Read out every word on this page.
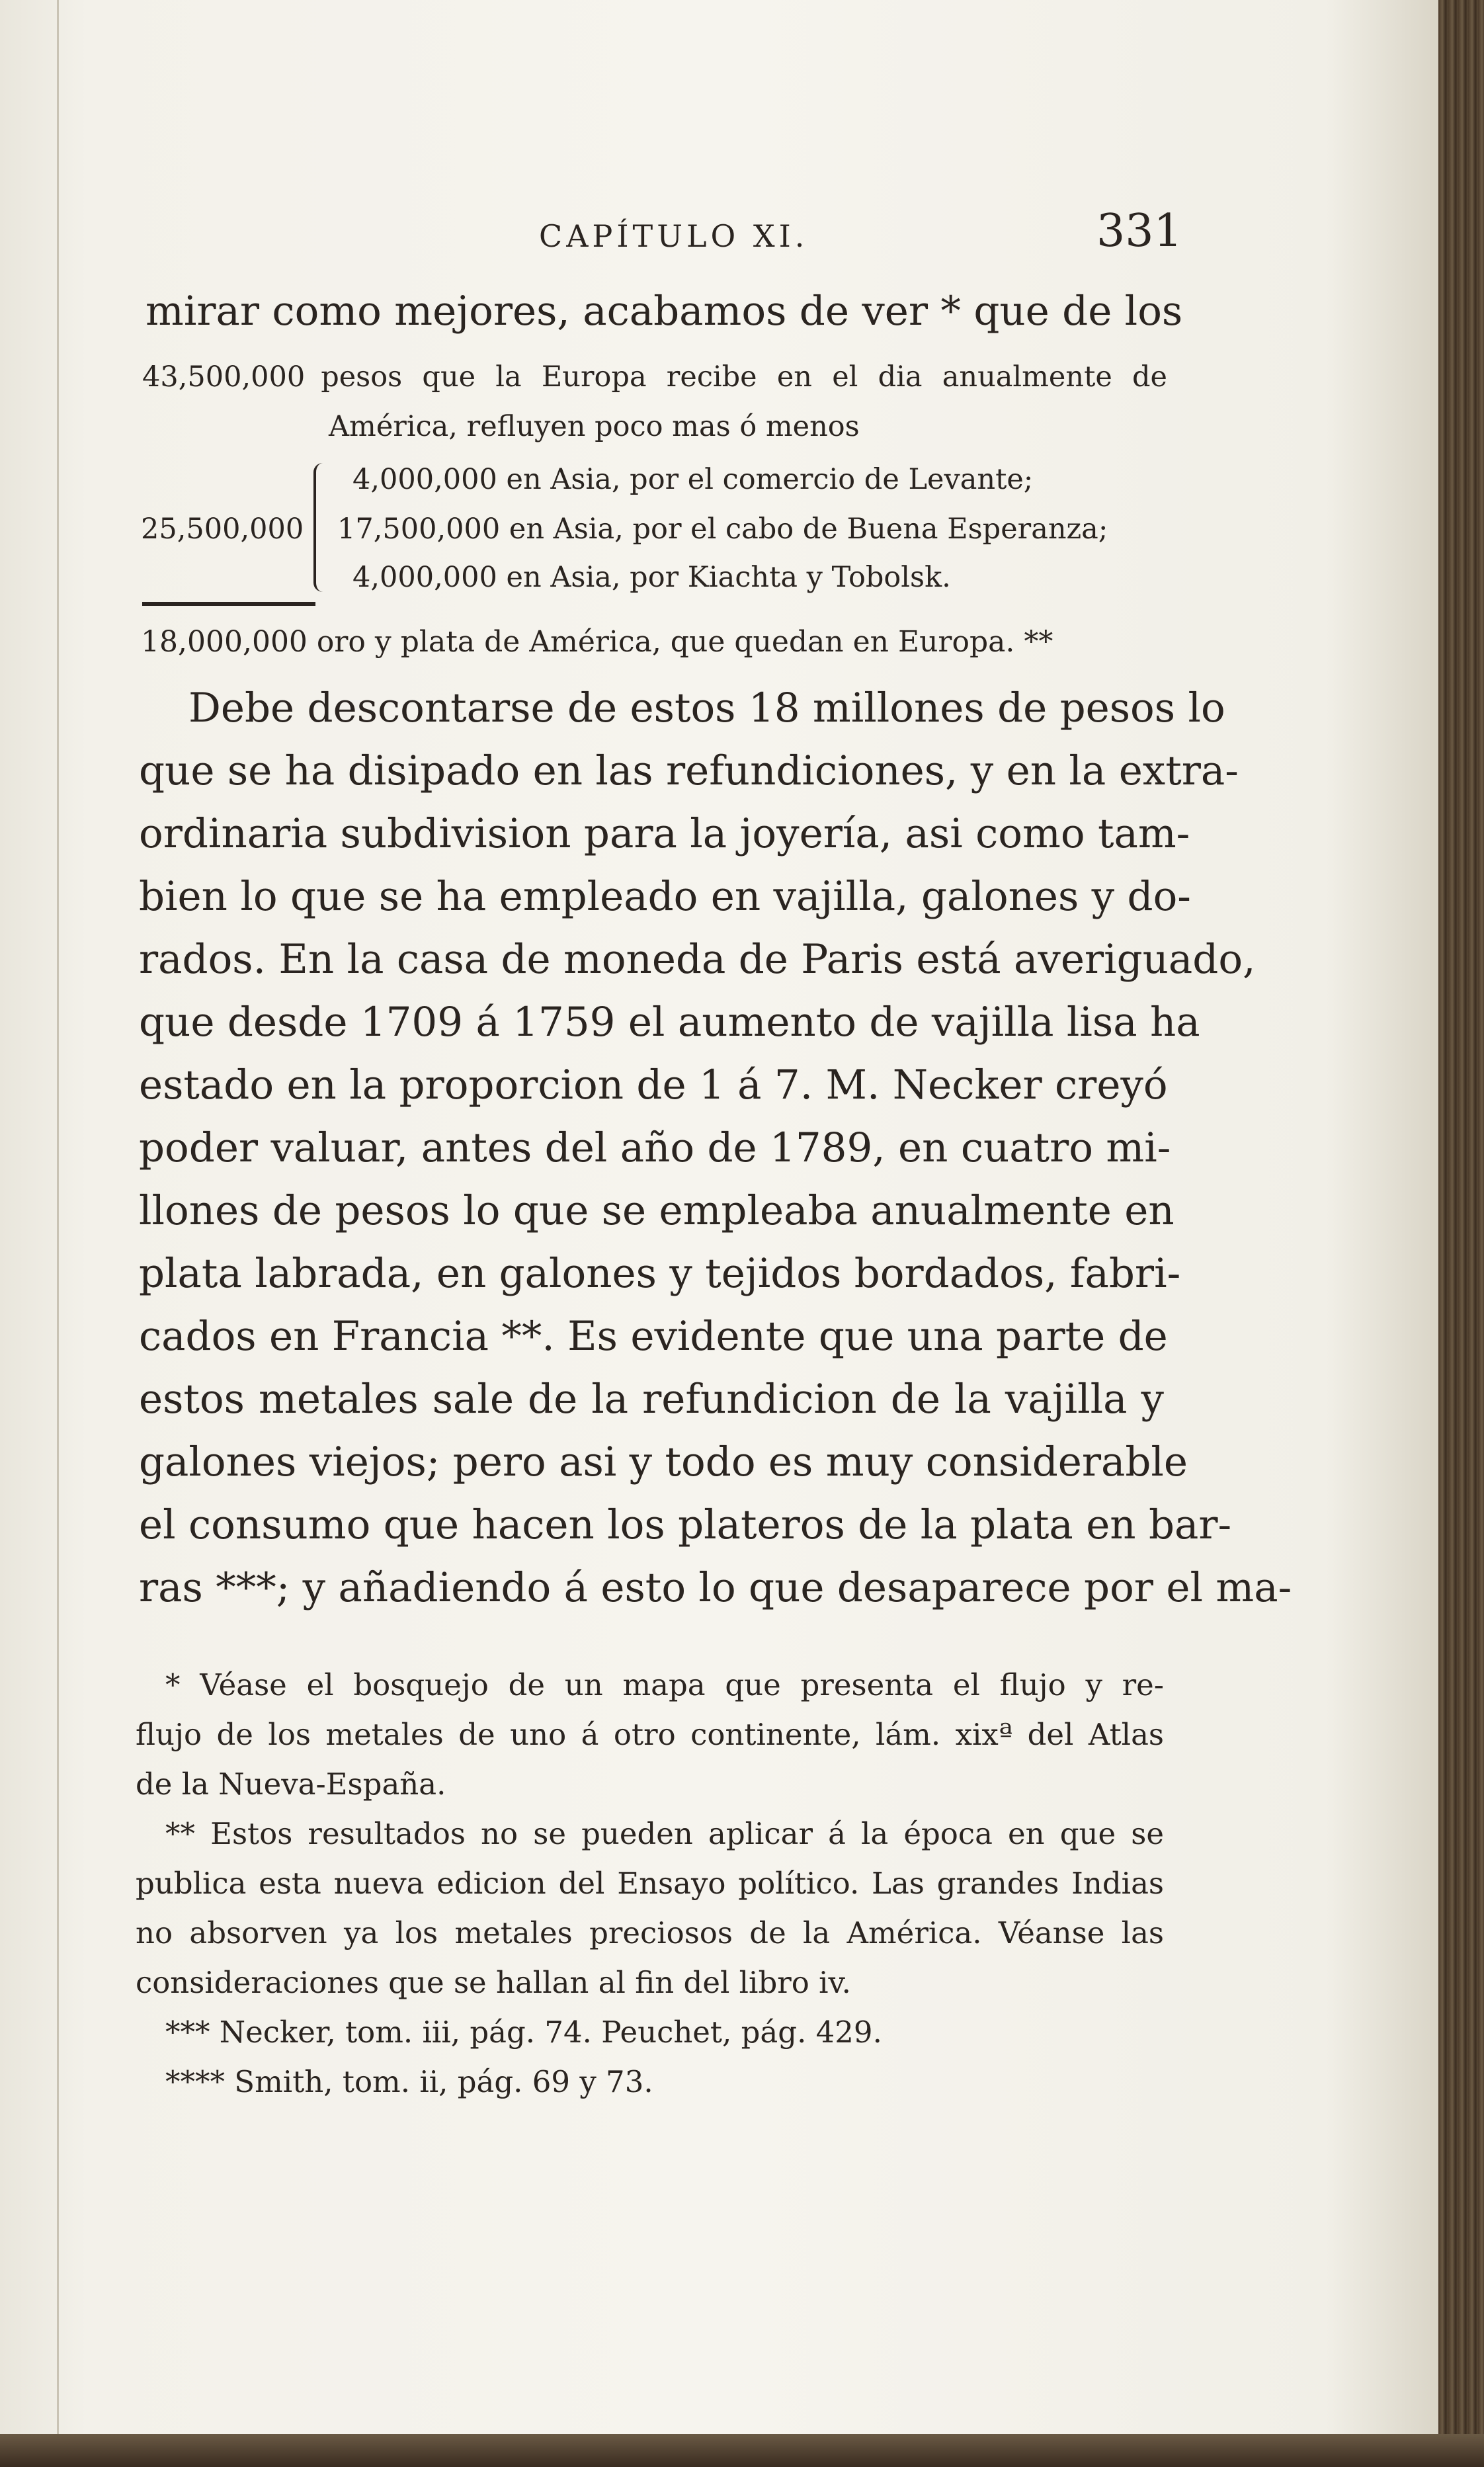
CAPÍTULO XI.	331
mirar como mejores, acabamos de ver * que de los
43,500,000 pesos que la Europa recibe en el dia anualmente de
América, refluyen poco mas ó menos
25,500,000
4,000,000 en Asia, por el comercio de Levante;
17,500,000 en Asia, por el cabo de Buena Esperanza;
4,000,000 en Asia, por Kiachta y Tobolsk.
18,000,000 oro y plata de América, que quedan en Europa. **
Debe descontarse de estos 18 millones de pesos lo
que se ha disipado en las refundiciones, y en la extra-
ordinaria subdivision para la joyería, asi como tam-
bien lo que se ha empleado en vajilla, galones y do-
rados. En la casa de moneda de Paris está averiguado,
que desde 1709 á 1759 el aumento de vajilla lisa ha
estado en la proporcion de 1 á 7. M. Necker creyó
poder valuar, antes del año de 1789, en cuatro mi-
llones de pesos lo que se empleaba anualmente en
plata labrada, en galones y tejidos bordados, fabri-
cados en Francia **. Es evidente que una parte de
estos metales sale de la refundicion de la vajilla y
galones viejos; pero asi y todo es muy considerable
el consumo que hacen los plateros de la plata en bar-
ras ***; y añadiendo á esto lo que desaparece por el ma-
* Véase el bosquejo de un mapa que presenta el flujo y re-
flujo de los metales de uno á otro continente, lám. xixª del Atlas
de la Nueva-España.
** Estos resultados no se pueden aplicar á la época en que se
publica esta nueva edicion del Ensayo político. Las grandes Indias
no absorven ya los metales preciosos de la América. Véanse las
consideraciones que se hallan al fin del libro iv.
*** Necker, tom. iii, pág. 74. Peuchet, pág. 429.
**** Smith, tom. ii, pág. 69 y 73.
